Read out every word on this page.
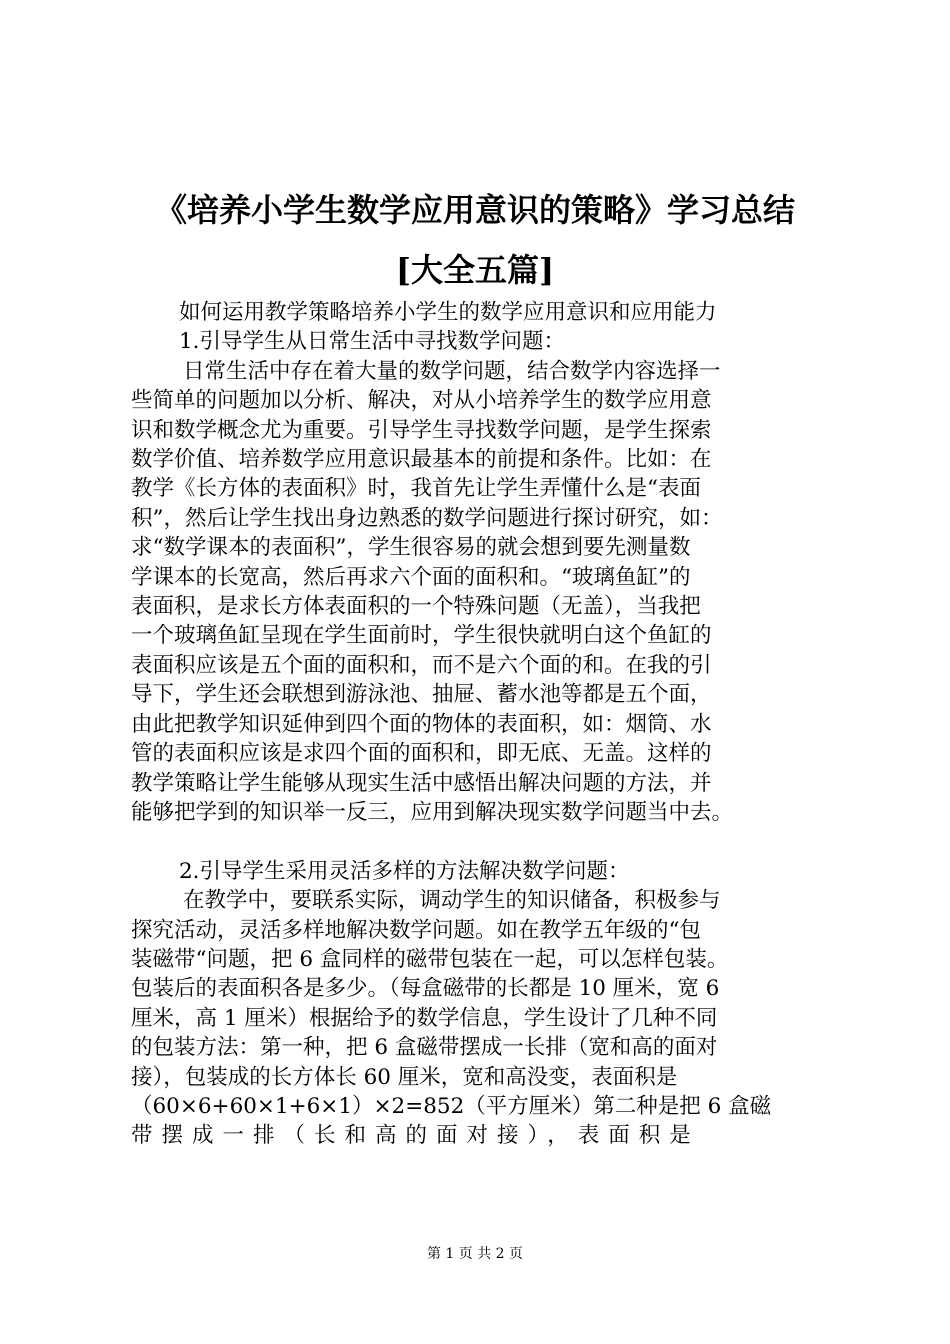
《培养小学生数学应用意识的策略》学习总结
[大全五篇]

如何运用教学策略培养小学生的数学应用意识和应用能力

1.引导学生从日常生活中寻找数学问题：

日常生活中存在着大量的数学问题，结合数学内容选择一

些简单的问题加以分析、解决，对从小培养学生的数学应用意

识和数学概念尤为重要。引导学生寻找数学问题，是学生探索

数学价值、培养数学应用意识最基本的前提和条件。比如：在

教学《长方体的表面积》时，我首先让学生弄懂什么是“表面

积”，然后让学生找出身边熟悉的数学问题进行探讨研究，如：

求“数学课本的表面积”，学生很容易的就会想到要先测量数

学课本的长宽高，然后再求六个面的面积和。“玻璃鱼缸”的

表面积，是求长方体表面积的一个特殊问题（无盖），当我把

一个玻璃鱼缸呈现在学生面前时，学生很快就明白这个鱼缸的

表面积应该是五个面的面积和，而不是六个面的和。在我的引

导下，学生还会联想到游泳池、抽屉、蓄水池等都是五个面，

由此把教学知识延伸到四个面的物体的表面积，如：烟筒、水

管的表面积应该是求四个面的面积和，即无底、无盖。这样的

教学策略让学生能够从现实生活中感悟出解决问题的方法，并

能够把学到的知识举一反三，应用到解决现实数学问题当中去。

2.引导学生采用灵活多样的方法解决数学问题：

在教学中，要联系实际，调动学生的知识储备，积极参与

探究活动，灵活多样地解决数学问题。如在教学五年级的“包

装磁带“问题，把 6 盒同样的磁带包装在一起，可以怎样包装。

包装后的表面积各是多少。（每盒磁带的长都是 10 厘米，宽 6

厘米，高 1 厘米）根据给予的数学信息，学生设计了几种不同

的包装方法：第一种，把 6 盒磁带摆成一长排（宽和高的面对

接），包装成的长方体长 60 厘米，宽和高没变，表面积是

（60×6+60×1+6×1）×2=852（平方厘米）第二种是把 6 盒磁

带摆成一排（长和高的面对接），表面积是

第 1 页 共 2 页
